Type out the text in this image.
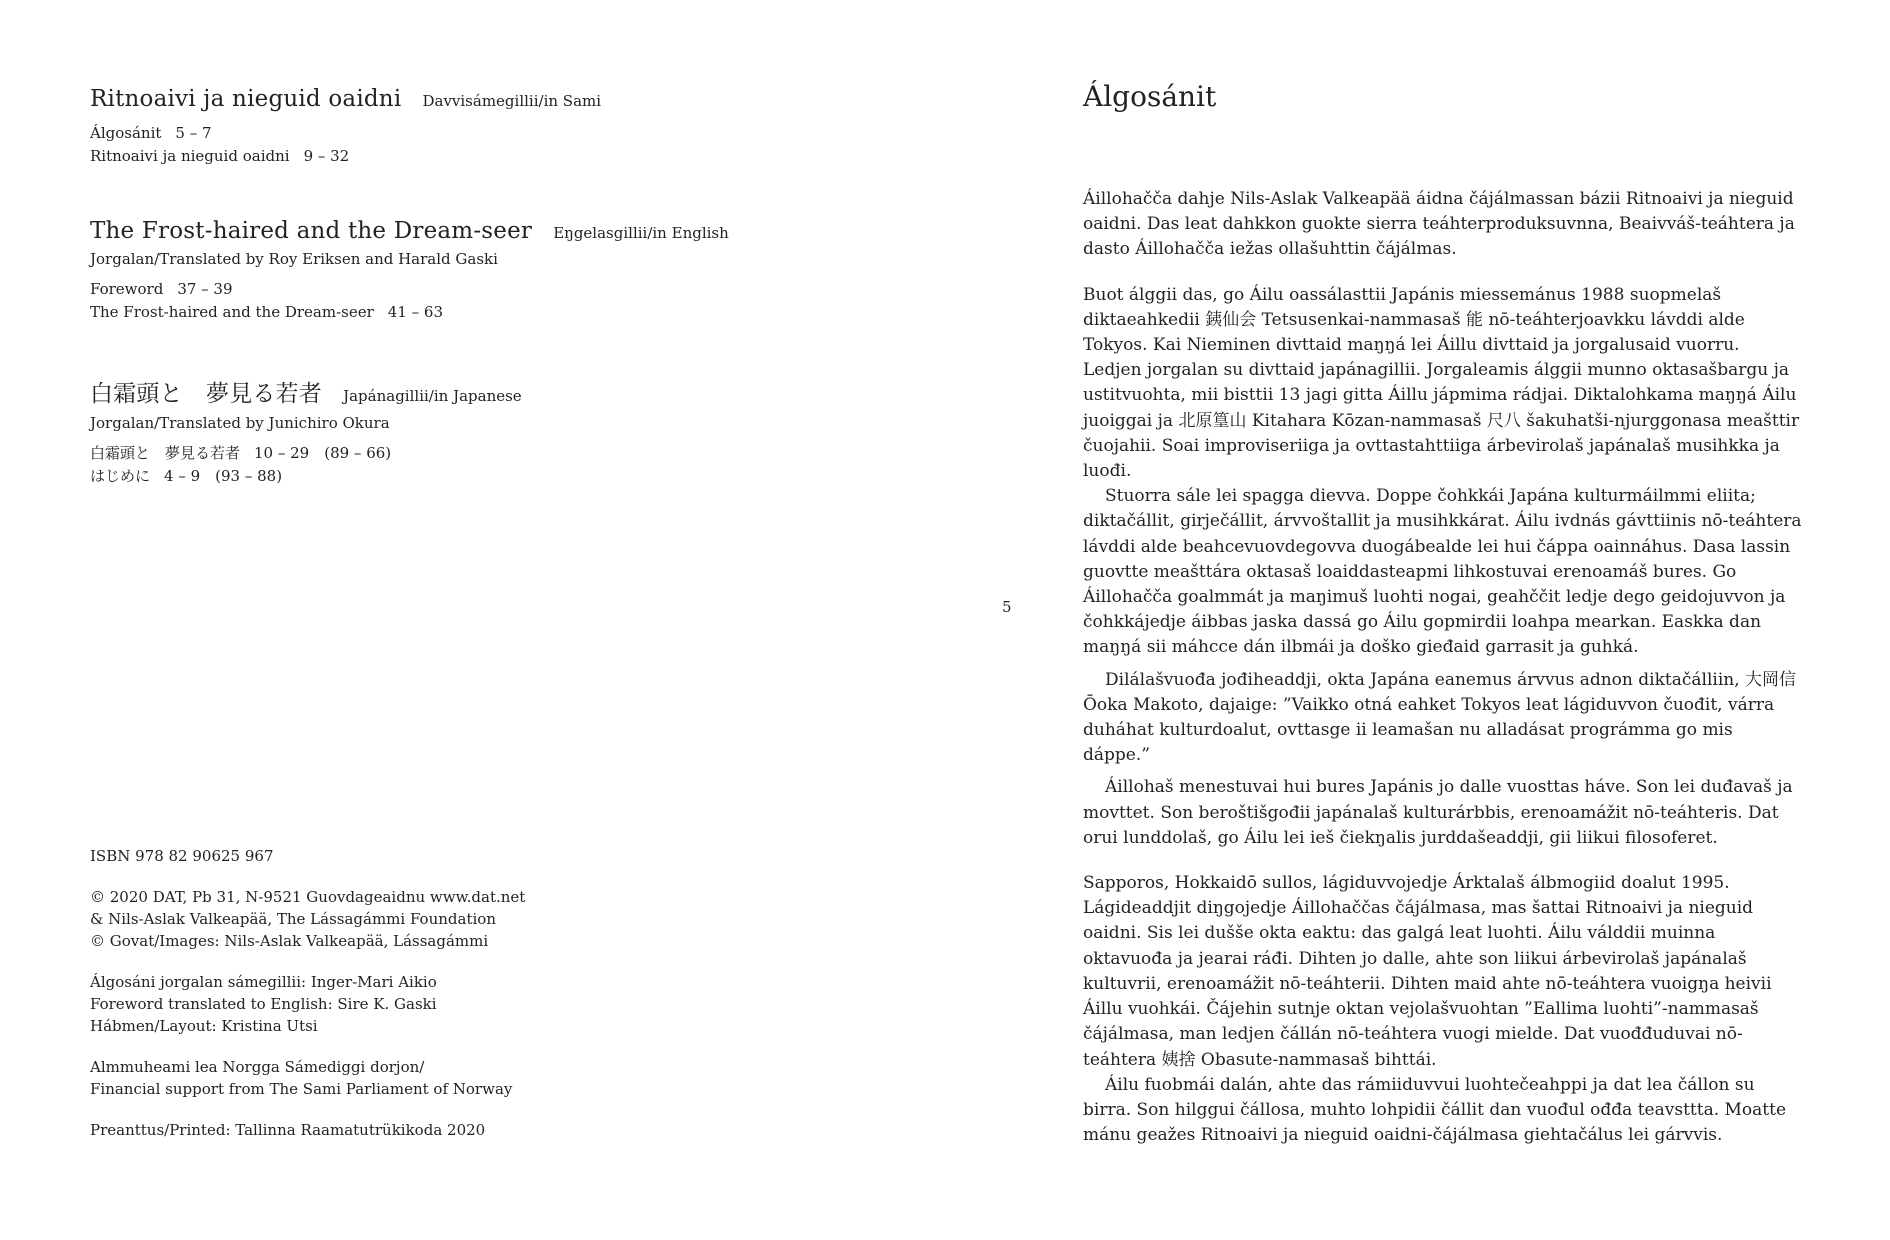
Ritnoaivi ja nieguid oaidni Davvisámegillii/in Sami
Álgosánit 5 – 7
Ritnoaivi ja nieguid oaidni 9 – 32
The Frost-haired and the Dream-seer Eŋgelasgillii/in English
Jorgalan/Translated by Roy Eriksen and Harald Gaski
Foreword 37 – 39
The Frost-haired and the Dream-seer 41 – 63
白霜頭と　夢見る若者 Japánagillii/in Japanese
Jorgalan/Translated by Junichiro Okura
白霜頭と　夢見る若者 10 – 29　(89 – 66)
はじめに 4 – 9　(93 – 88)
ISBN 978 82 90625 967
© 2020 DAT, Pb 31, N-9521 Guovdageaidnu www.dat.net
& Nils-Aslak Valkeapää, The Lássagámmi Foundation
© Govat/Images: Nils-Aslak Valkeapää, Lássagámmi
Álgosáni jorgalan sámegillii: Inger-Mari Aikio
Foreword translated to English: Sire K. Gaski
Hábmen/Layout: Kristina Utsi
Almmuheami lea Norgga Sámediggi dorjon/
Financial support from The Sami Parliament of Norway
Preanttus/Printed: Tallinna Raamatutrükikoda 2020
5
Álgosánit

Áillohačča dahje Nils-Aslak Valkeapää áidna čájálmassan bázii Ritnoaivi ja nieguid oaidni. Das leat dahkkon guokte sierra teáhterproduksuvnna, Beaivváš-teáhtera ja dasto Áillohačča iežas ollašuhttin čájálmas.

Buot álggii das, go Áilu oassálasttii Japánis miessemánus 1988 suopmelaš diktaeahkedii 銕仙会 Tetsusenkai-nammasaš 能 nō-teáhterjoavkku lávddi alde Tokyos. Kai Nieminen divttaid maŋŋá lei Áillu divttaid ja jorgalusaid vuorru. Ledjen jorgalan su divttaid japánagillii. Jorgaleamis álggii munno oktasašbargu ja ustitvuohta, mii bisttii 13 jagi gitta Áillu jápmima rádjai. Diktalohkama maŋŋá Áilu juoiggai ja 北原篁山 Kitahara Kōzan-nammasaš 尺八 šakuhatši-njurggonasa meašttir čuojahii. Soai improviseriiga ja ovttastahttiiga árbevirolaš japánalaš musihkka ja luođi.

Stuorra sále lei spagga dievva. Doppe čohkkái Japána kulturmáilmmi eliita; diktačállit, girječállit, árvvoštallit ja musihkkárat. Áilu ivdnás gávttiinis nō-teáhtera lávddi alde beahcevuovdegovva duogábealde lei hui čáppa oainnáhus. Dasa lassin guovtte meašttára oktasaš loaiddasteapmi lihkostuvai erenoamáš bures. Go Áillohačča goalmmát ja maŋimuš luohti nogai, geahččit ledje dego geidojuvvon ja čohkkájedje áibbas jaska dassá go Áilu gopmirdii loahpa mearkan. Easkka dan maŋŋá sii máhcce dán ilbmái ja doško gieđaid garrasit ja guhká.

Dilálašvuođa jođiheaddji, okta Japána eanemus árvvus adnon diktačálliin, 大岡信 Ōoka Makoto, dajaige: ”Vaikko otná eahket Tokyos leat lágiduvvon čuođit, várra duháhat kulturdoalut, ovttasge ii leamašan nu alladásat prográmma go mis dáppe.”

Áillohaš menestuvai hui bures Japánis jo dalle vuosttas háve. Son lei duđavaš ja movttet. Son beroštišgođii japánalaš kulturárbbis, erenoamážit nō-teáhteris. Dat orui lunddolaš, go Áilu lei ieš čiekŋalis jurddašeaddji, gii liikui filosoferet.

Sapporos, Hokkaidō sullos, lágiduvvojedje Árktalaš álbmogiid doalut 1995. Lágideaddjit diŋgojedje Áillohaččas čájálmasa, mas šattai Ritnoaivi ja nieguid oaidni. Sis lei dušše okta eaktu: das galgá leat luohti. Áilu válddii muinna oktavuođa ja jearai ráđi. Dihten jo dalle, ahte son liikui árbevirolaš japánalaš kultuvrii, erenoamážit nō-teáhterii. Dihten maid ahte nō-teáhtera vuoigŋa heivii Áillu vuohkái. Čájehin sutnje oktan vejolašvuohtan ”Eallima luohti”-nammasaš čájálmasa, man ledjen čállán nō-teáhtera vuogi mielde. Dat vuođđuduvai nō-teáhtera 姨捨 Obasute-nammasaš bihttái.

Áilu fuobmái dalán, ahte das rámiiduvvui luohtečeahppi ja dat lea čállon su birra. Son hilggui čállosa, muhto lohpidii čállit dan vuođul ođđa teavsttta. Moatte mánu geažes Ritnoaivi ja nieguid oaidni-čájálmasa giehtačálus lei gárvvis.
